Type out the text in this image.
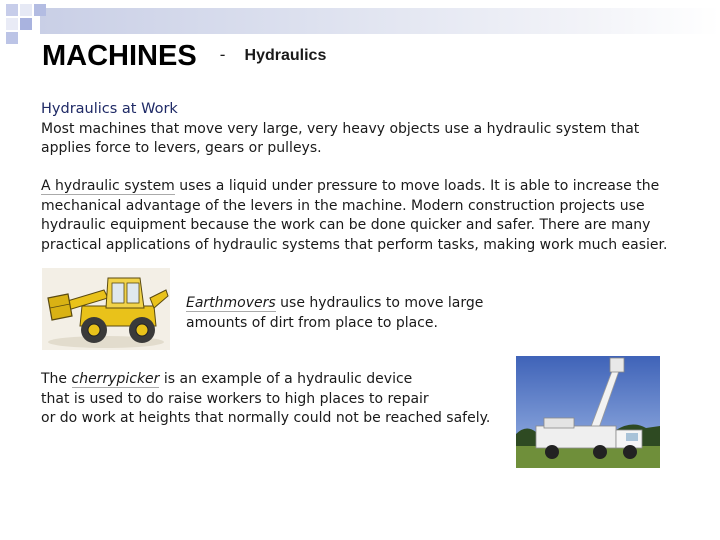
MACHINES - Hydraulics
Hydraulics at Work
Most machines that move very large, very heavy objects use a hydraulic system that
applies force to levers, gears or pulleys.
A hydraulic system uses a liquid under pressure to move loads. It is able to increase the
mechanical advantage of the levers in the machine. Modern construction projects use
hydraulic equipment because the work can be done quicker and safer. There are many
practical applications of hydraulic systems that perform tasks, making work much easier.
Earthmovers use hydraulics to move large
amounts of dirt from place to place.
The cherrypicker is an example of a hydraulic device
that is used to do raise workers to high places to repair
or do work at heights that normally could not be reached safely.
